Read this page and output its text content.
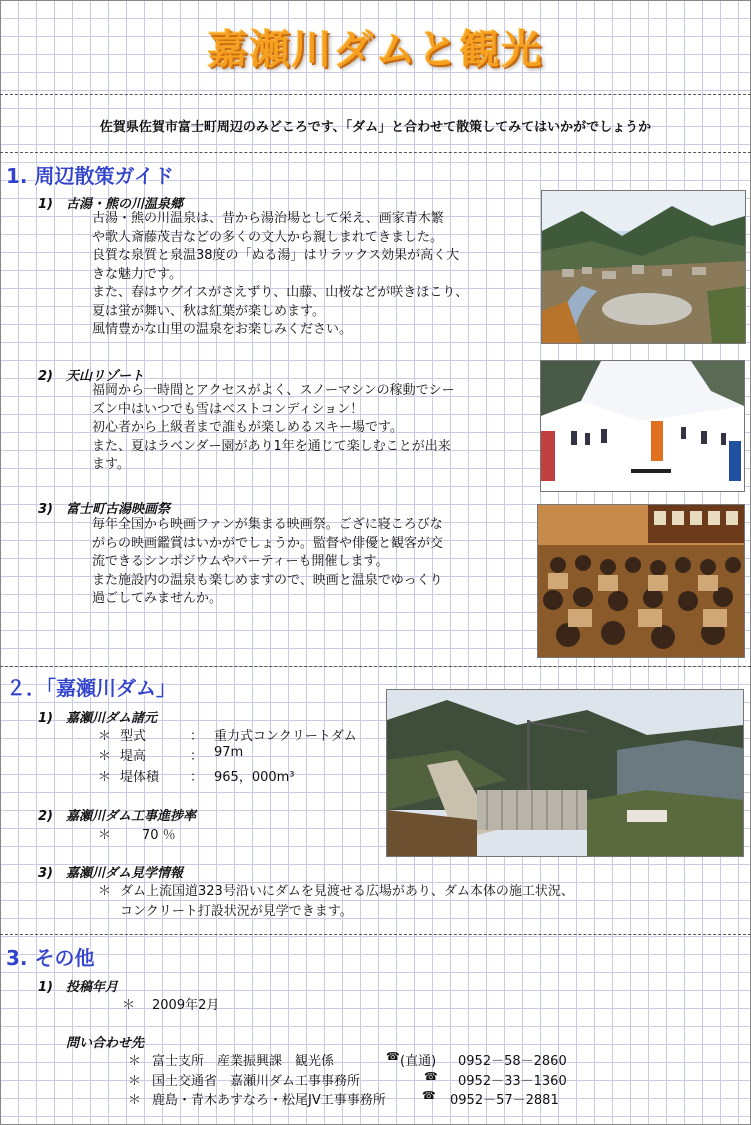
嘉瀬川ダムと観光
佐賀県佐賀市富士町周辺のみどころです、「ダム」と合わせて散策してみてはいかがでしょうか
1. 周辺散策ガイド
1) 古湯・熊の川温泉郷
古湯・熊の川温泉は、昔から湯治場として栄え、画家青木繁
や歌人斎藤茂吉などの多くの文人から親しまれてきました。
良質な泉質と泉温38度の「ぬる湯」はリラックス効果が高く大
きな魅力です。
また、春はウグイスがさえずり、山藤、山桜などが咲きほこり、
夏は蛍が舞い、秋は紅葉が楽しめます。
風情豊かな山里の温泉をお楽しみください。
2) 天山リゾート
福岡から一時間とアクセスがよく、スノーマシンの稼動でシー
ズン中はいつでも雪はベストコンディション！
初心者から上級者まで誰もが楽しめるスキー場です。
また、夏はラベンダー園があり1年を通じて楽しむことが出来
ます。
3) 富士町古湯映画祭
毎年全国から映画ファンが集まる映画祭。ござに寝ころびな
がらの映画鑑賞はいかがでしょうか。監督や俳優と観客が交
流できるシンポジウムやパーティーも開催します。
また施設内の温泉も楽しめますので、映画と温泉でゆっくり
過ごしてみませんか。
２．「嘉瀬川ダム」
1) 嘉瀬川ダム諸元
＊ 型式	： 重力式コンクリートダム
＊ 堤高	： 97m
＊ 堤体積 ： 965，000m³
2) 嘉瀬川ダム工事進捗率
＊ 70 ％
3) 嘉瀬川ダム見学情報
＊ ダム上流国道323号沿いにダムを見渡せる広場があり、ダム本体の施工状況、
コンクリート打設状況が見学できます。
3. その他
1) 投稿年月
＊ 2009年2月
問い合わせ先
＊ 富士支所　産業振興課　観光係	☎ (直通) 0952－58－2860
＊ 国土交通省　嘉瀬川ダム工事事務所	☎ 0952－33－1360
＊ 鹿島・青木あすなろ・松尾JV工事事務所	☎ 0952－57－2881
